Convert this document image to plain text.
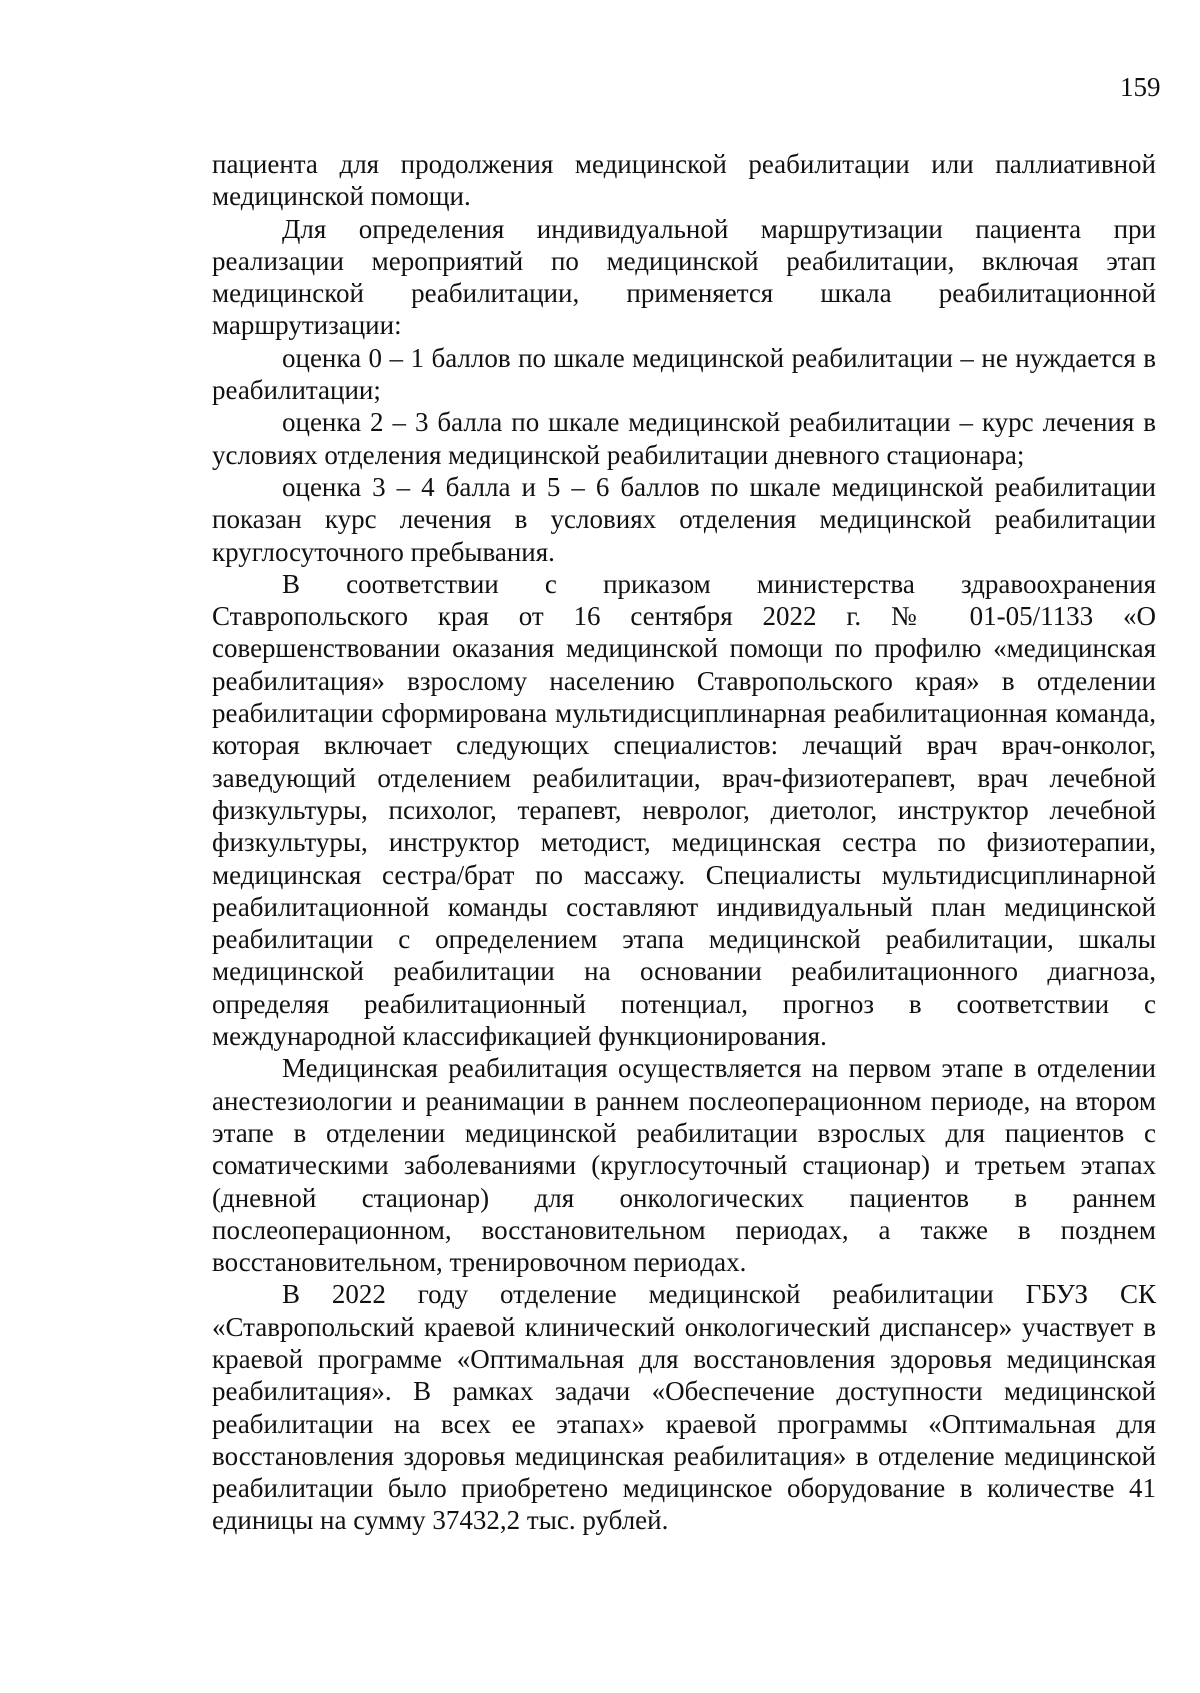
159

пациента для продолжения медицинской реабилитации или паллиативной медицинской помощи.

Для определения индивидуальной маршрутизации пациента при реализации мероприятий по медицинской реабилитации, включая этап медицинской реабилитации, применяется шкала реабилитационной маршрутизации:

оценка 0 – 1 баллов по шкале медицинской реабилитации – не нуждается в реабилитации;

оценка 2 – 3 балла по шкале медицинской реабилитации – курс лечения в условиях отделения медицинской реабилитации дневного стационара;

оценка 3 – 4 балла и 5 – 6 баллов по шкале медицинской реабилитации показан курс лечения в условиях отделения медицинской реабилитации круглосуточного пребывания.

В соответствии с приказом министерства здравоохранения Ставропольского края от 16 сентября 2022 г. № 01-05/1133 «О совершенствовании оказания медицинской помощи по профилю «медицинская реабилитация» взрослому населению Ставропольского края» в отделении реабилитации сформирована мультидисциплинарная реабилитационная команда, которая включает следующих специалистов: лечащий врач врач-онколог, заведующий отделением реабилитации, врач-физиотерапевт, врач лечебной физкультуры, психолог, терапевт, невролог, диетолог, инструктор лечебной физкультуры, инструктор методист, медицинская сестра по физиотерапии, медицинская сестра/брат по массажу. Специалисты мультидисциплинарной реабилитационной команды составляют индивидуальный план медицинской реабилитации с определением этапа медицинской реабилитации, шкалы медицинской реабилитации на основании реабилитационного диагноза, определяя реабилитационный потенциал, прогноз в соответствии с международной классификацией функционирования.

Медицинская реабилитация осуществляется на первом этапе в отделении анестезиологии и реанимации в раннем послеоперационном периоде, на втором этапе в отделении медицинской реабилитации взрослых для пациентов с соматическими заболеваниями (круглосуточный стационар) и третьем этапах (дневной стационар) для онкологических пациентов в раннем послеоперационном, восстановительном периодах, а также в позднем восстановительном, тренировочном периодах.

В 2022 году отделение медицинской реабилитации ГБУЗ СК «Ставропольский краевой клинический онкологический диспансер» участвует в краевой программе «Оптимальная для восстановления здоровья медицинская реабилитация». В рамках задачи «Обеспечение доступности медицинской реабилитации на всех ее этапах» краевой программы «Оптимальная для восстановления здоровья медицинская реабилитация» в отделение медицинской реабилитации было приобретено медицинское оборудование в количестве 41 единицы на сумму 37432,2 тыс. рублей.
